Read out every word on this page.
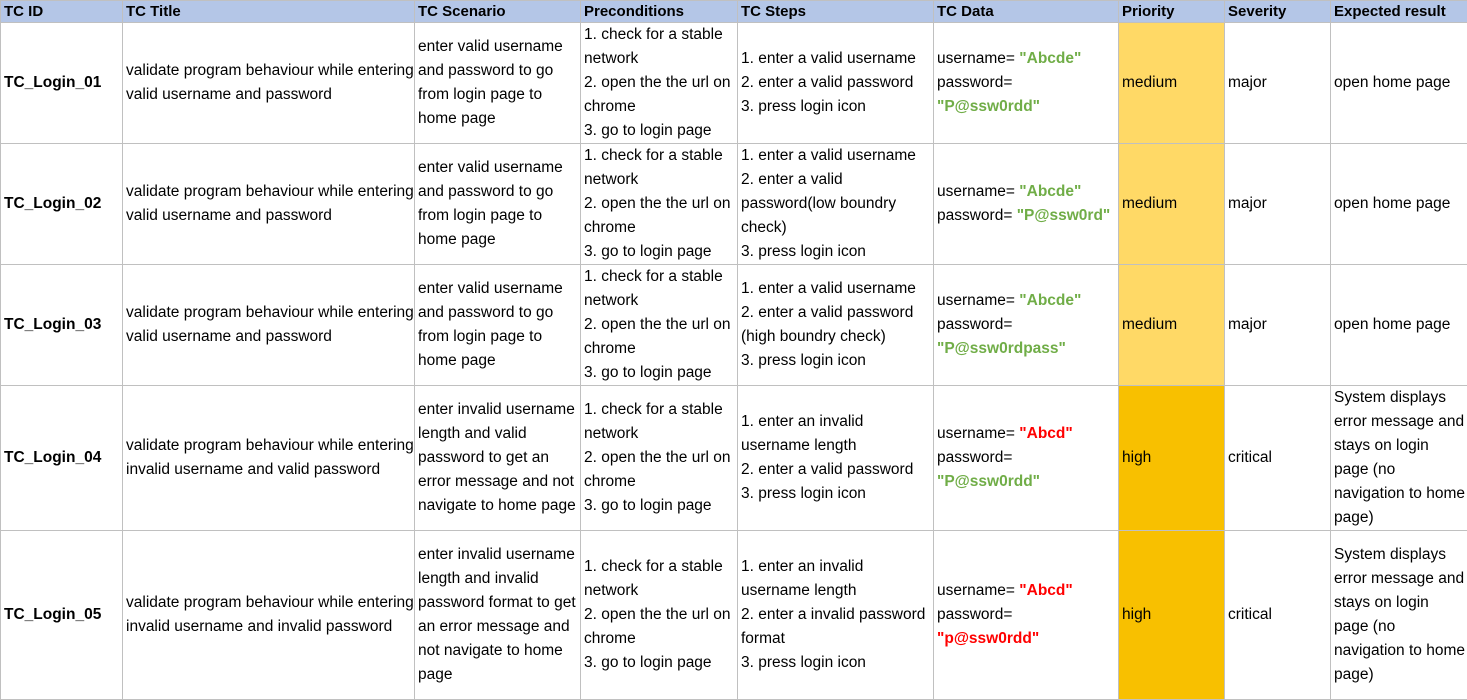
TC ID	TC Title	TC Scenario	Preconditions	TC Steps	TC Data	Priority	Severity	Expected result
TC_Login_01	validate program behaviour while entering valid username and password	enter valid username and password to go from login page to home page	1. check for a stable network
2. open the the url on chrome
3. go to login page	1. enter a valid username
2. enter a valid password
3. press login icon	username= "Abcde"
password=
"P@ssw0rdd"	medium	major	open home page
TC_Login_02	validate program behaviour while entering valid username and password	enter valid username and password to go from login page to home page	1. check for a stable network
2. open the the url on chrome
3. go to login page	1. enter a valid username
2. enter a valid password(low boundry check)
3. press login icon	username= "Abcde"
password= "P@ssw0rd"	medium	major	open home page
TC_Login_03	validate program behaviour while entering valid username and password	enter valid username and password to go from login page to home page	1. check for a stable network
2. open the the url on chrome
3. go to login page	1. enter a valid username
2. enter a valid password (high boundry check)
3. press login icon	username= "Abcde"
password=
"P@ssw0rdpass"	medium	major	open home page
TC_Login_04	validate program behaviour while entering invalid username and valid password	enter invalid username length and valid password to get an error message and not navigate to home page	1. check for a stable network
2. open the the url on chrome
3. go to login page	1. enter an invalid username length
2. enter a valid password
3. press login icon	username= "Abcd"
password=
"P@ssw0rdd"	high	critical	System displays error message and stays on login page (no navigation to home page)
TC_Login_05	validate program behaviour while entering invalid username and invalid password	enter invalid username length and invalid password format to get an error message and not navigate to home page	1. check for a stable network
2. open the the url on chrome
3. go to login page	1. enter an invalid username length
2. enter a invalid password format
3. press login icon	username= "Abcd"
password=
"p@ssw0rdd"	high	critical	System displays error message and stays on login page (no navigation to home page)
